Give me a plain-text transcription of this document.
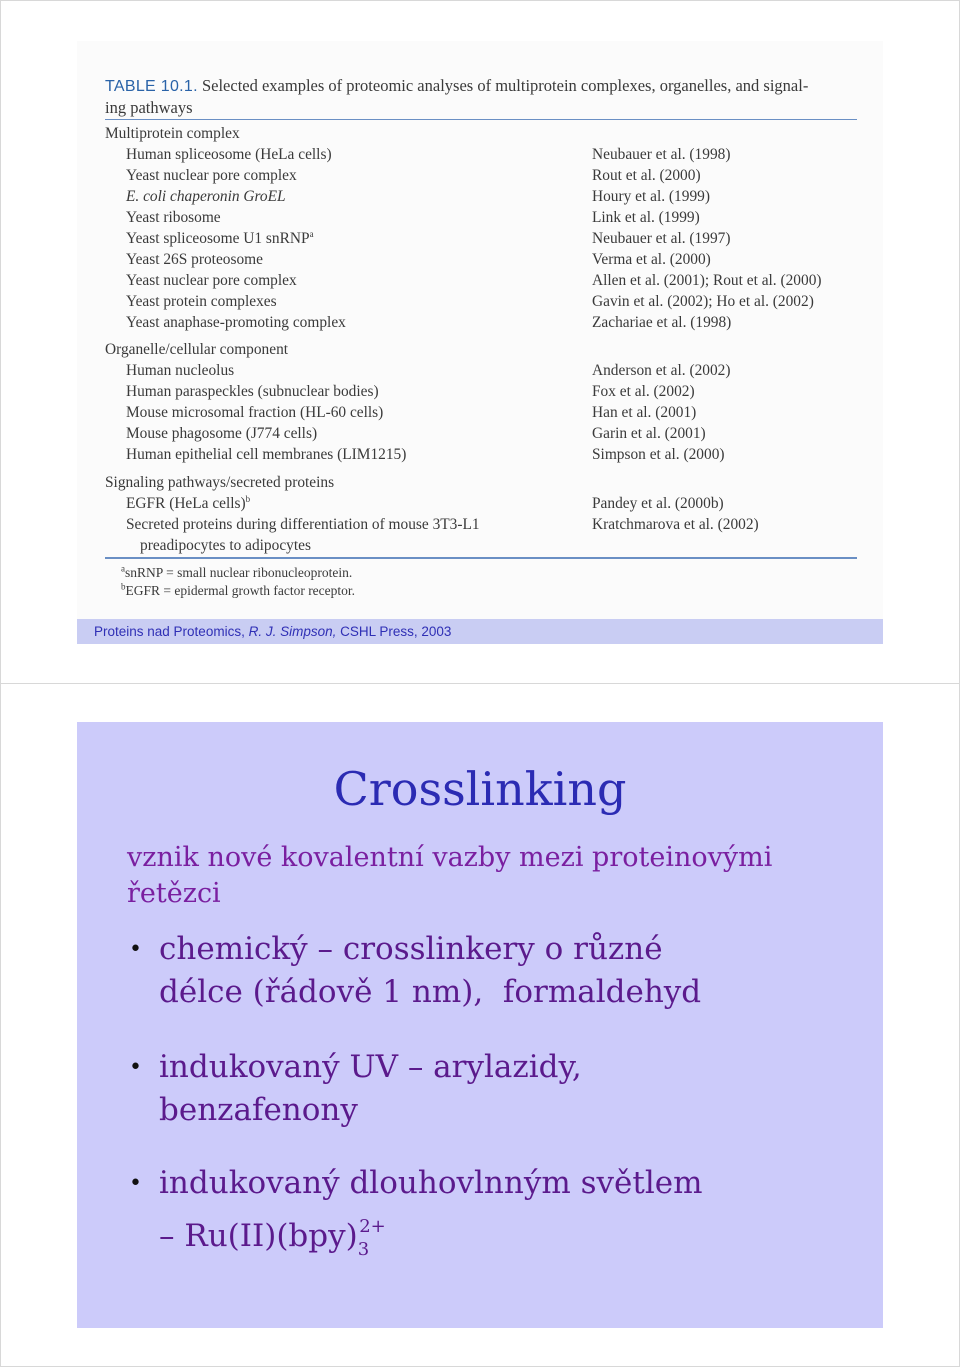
TABLE 10.1. Selected examples of proteomic analyses of multiprotein complexes, organelles, and signal-
ing pathways
Multiprotein complex
Human spliceosome (HeLa cells)	Neubauer et al. (1998)
Yeast nuclear pore complex	Rout et al. (2000)
E. coli chaperonin GroEL	Houry et al. (1999)
Yeast ribosome	Link et al. (1999)
Yeast spliceosome U1 snRNP$^a$	Neubauer et al. (1997)
Yeast 26S proteosome	Verma et al. (2000)
Yeast nuclear pore complex	Allen et al. (2001); Rout et al. (2000)
Yeast protein complexes	Gavin et al. (2002); Ho et al. (2002)
Yeast anaphase-promoting complex	Zachariae et al. (1998)
Organelle/cellular component
Human nucleolus	Anderson et al. (2002)
Human paraspeckles (subnuclear bodies)	Fox et al. (2002)
Mouse microsomal fraction (HL-60 cells)	Han et al. (2001)
Mouse phagosome (J774 cells)	Garin et al. (2001)
Human epithelial cell membranes (LIM1215)	Simpson et al. (2000)
Signaling pathways/secreted proteins
EGFR (HeLa cells)$^b$	Pandey et al. (2000b)
Secreted proteins during differentiation of mouse 3T3-L1	Kratchmarova et al. (2002)
preadipocytes to adipocytes
$^a$snRNP = small nuclear ribonucleoprotein.
$^b$EGFR = epidermal growth factor receptor.
Proteins nad Proteomics, R. J. Simpson, CSHL Press, 2003
Crosslinking
vznik nové kovalentní vazby mezi proteinovými
řetězci
• chemický – crosslinkery o různé
délce (řádově 1 nm),  formaldehyd
• indukovaný UV – arylazidy,
benzafenony
• indukovaný dlouhovlnným světlem
– $Ru(II)(bpy)_3^{2+}$
